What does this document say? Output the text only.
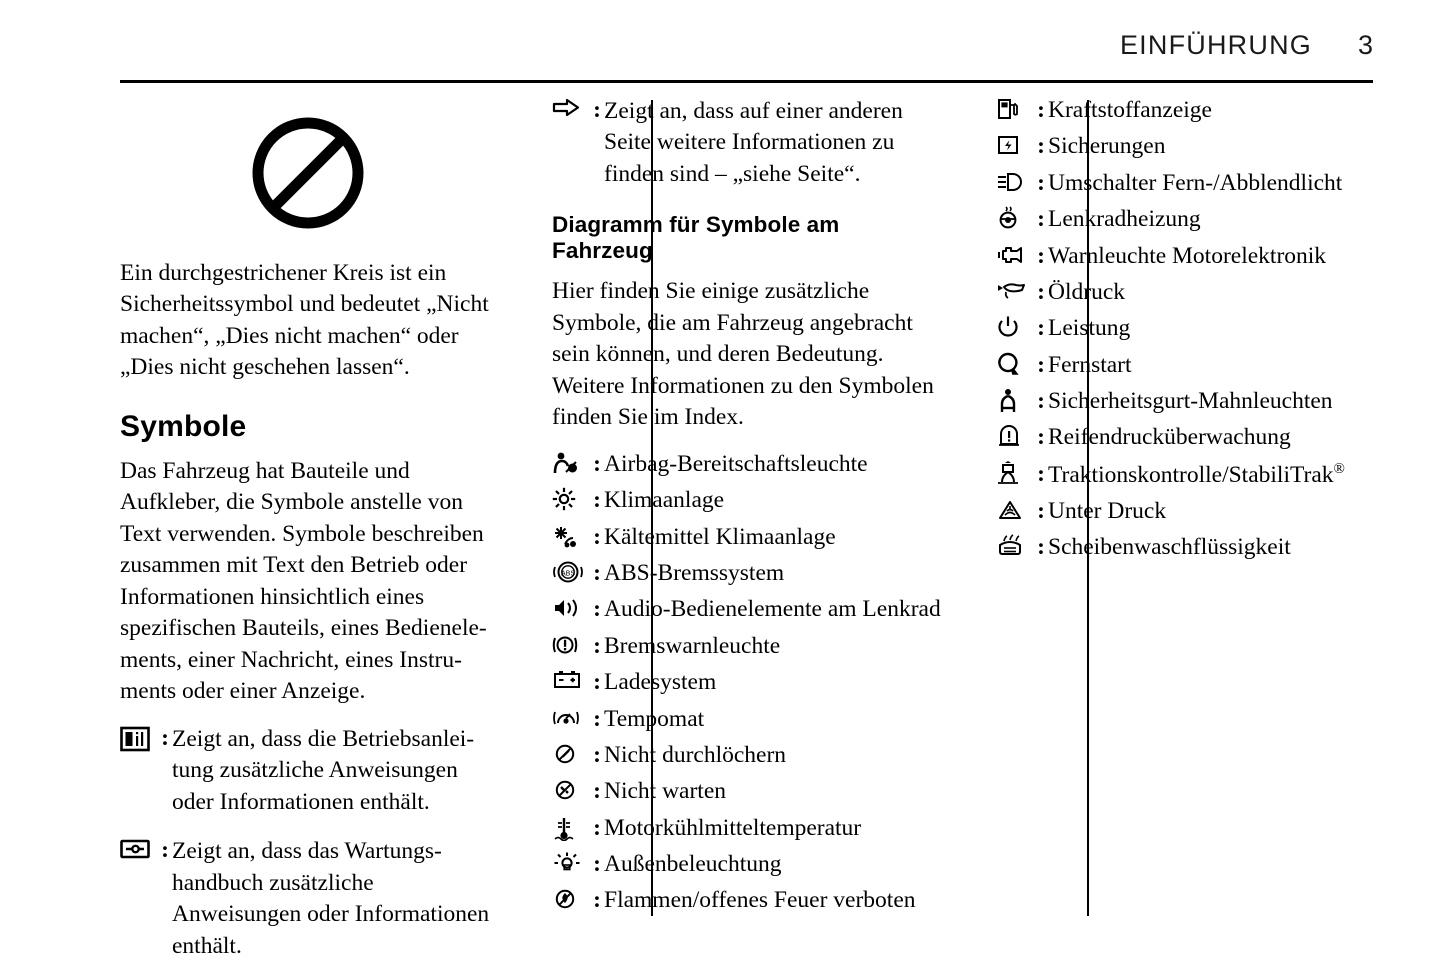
EINFÜHRUNG 3

Ein durchgestrichener Kreis ist ein Sicherheitssymbol und bedeutet „Nicht machen“, „Dies nicht machen“ oder „Dies nicht geschehen lassen“.

Symbole

Das Fahrzeug hat Bauteile und Aufkleber, die Symbole anstelle von Text verwenden. Symbole beschreiben zusammen mit Text den Betrieb oder Informationen hinsichtlich eines spezifischen Bauteils, eines Bedienele-ments, einer Nachricht, eines Instru-ments oder einer Anzeige.

: Zeigt an, dass die Betriebsanlei-tung zusätzliche Anweisungen oder Informationen enthält.
: Zeigt an, dass das Wartungs-handbuch zusätzliche Anweisungen oder Informationen enthält.
: Zeigt an, dass auf einer anderen Seite weitere Informationen zu finden sind – „siehe Seite“.
Diagramm für Symbole am Fahrzeug

Hier finden Sie einige zusätzliche Symbole, die am Fahrzeug angebracht sein können, und deren Bedeutung. Weitere Informationen zu den Symbolen finden Sie im Index.

: Airbag-Bereitschaftsleuchte
: Klimaanlage
: Kältemittel Klimaanlage
ABS : ABS-Bremssystem
: Audio-Bedienelemente am Lenkrad
: Bremswarnleuchte
: Ladesystem
: Tempomat
: Nicht durchlöchern
: Nicht warten
: Motorkühlmitteltemperatur
: Außenbeleuchtung
: Flammen/offenes Feuer verboten
: Kraftstoffanzeige
: Sicherungen
: Umschalter Fern-/Abblendlicht
: Lenkradheizung
: Warnleuchte Motorelektronik
: Öldruck
: Leistung
: Fernstart
: Sicherheitsgurt-Mahnleuchten
: Reifendrucküberwachung
: Traktionskontrolle/StabiliTrak®
: Unter Druck
: Scheibenwaschflüssigkeit
